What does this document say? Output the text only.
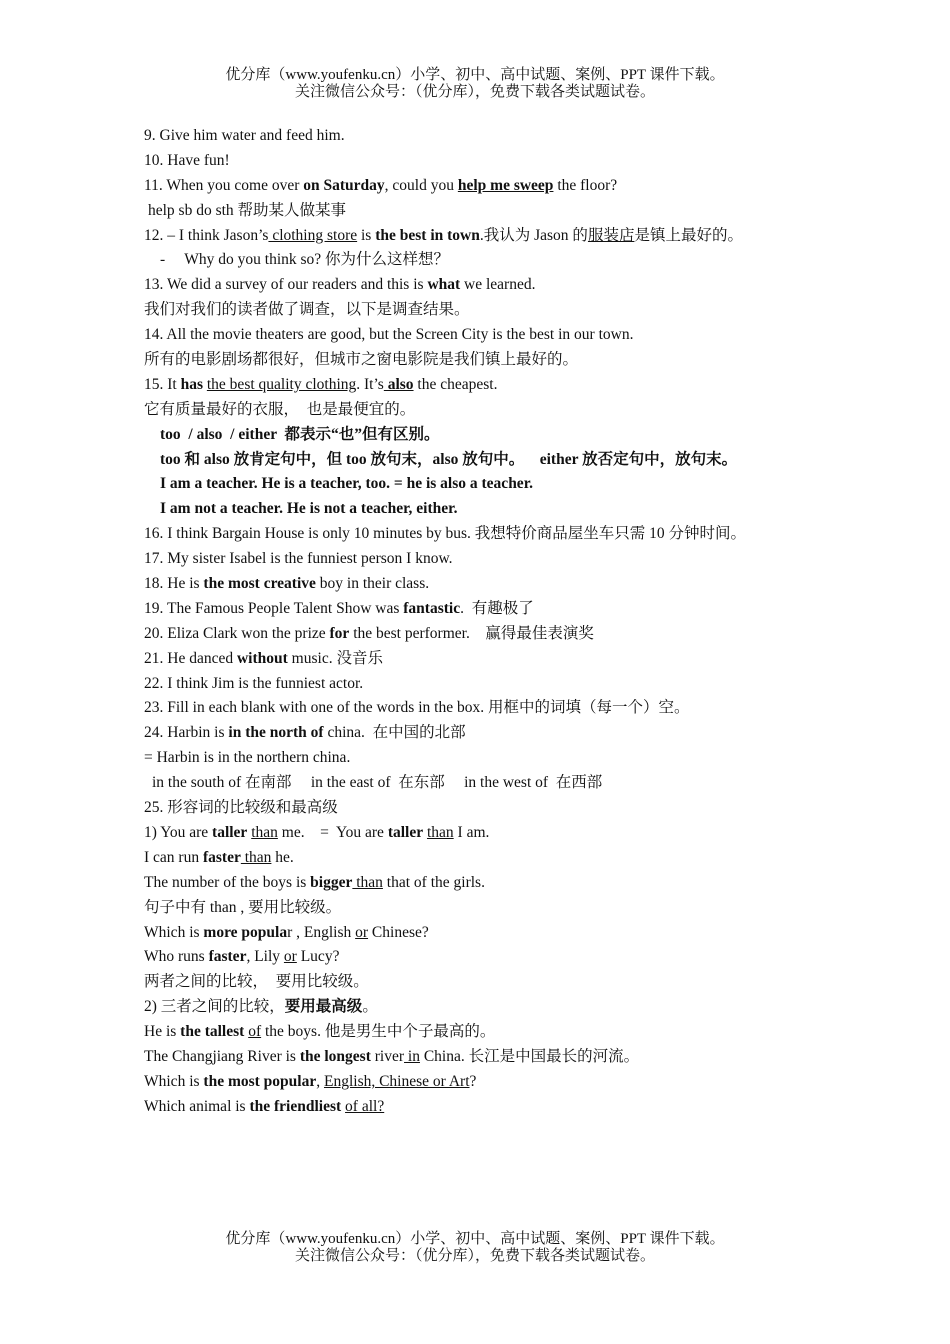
优分库（www.youfenku.cn）小学、初中、高中试题、案例、PPT 课件下载。
关注微信公众号：（优分库），免费下载各类试题试卷。
9. Give him water and feed him.
10. Have fun!
11. When you come over on Saturday, could you help me sweep the floor?
help sb do sth 帮助某人做某事
12. – I think Jason’s clothing store is the best in town.我认为 Jason 的服装店是镇上最好的。
-     Why do you think so? 你为什么这样想？
13. We did a survey of our readers and this is what we learned.
我们对我们的读者做了调查，以下是调查结果。
14. All the movie theaters are good, but the Screen City is the best in our town.
所有的电影剧场都很好，但城市之窗电影院是我们镇上最好的。
15. It has the best quality clothing. It’s also the cheapest.
它有质量最好的衣服，  也是最便宜的。
too  / also  / either  都表示“也”但有区别。
too 和 also 放肯定句中，但 too 放句末，also 放句中。    either 放否定句中，放句末。
I am a teacher. He is a teacher, too. = he is also a teacher.
I am not a teacher. He is not a teacher, either.
16. I think Bargain House is only 10 minutes by bus. 我想特价商品屋坐车只需 10 分钟时间。
17. My sister Isabel is the funniest person I know.
18. He is the most creative boy in their class.
19. The Famous People Talent Show was fantastic.  有趣极了
20. Eliza Clark won the prize for the best performer.    赢得最佳表演奖
21. He danced without music. 没音乐
22. I think Jim is the funniest actor.
23. Fill in each blank with one of the words in the box. 用框中的词填（每一个）空。
24. Harbin is in the north of china.  在中国的北部
= Harbin is in the northern china.
in the south of 在南部     in the east of  在东部     in the west of  在西部
25. 形容词的比较级和最高级
1) You are taller than me.    =  You are taller than I am.
I can run faster than he.
The number of the boys is bigger than that of the girls.
句子中有 than , 要用比较级。
Which is more popular , English or Chinese?
Who runs faster, Lily or Lucy?
两者之间的比较，  要用比较级。
2) 三者之间的比较，要用最高级。
He is the tallest of the boys. 他是男生中个子最高的。
The Changjiang River is the longest river in China. 长江是中国最长的河流。
Which is the most popular, English, Chinese or Art?
Which animal is the friendliest of all?
优分库（www.youfenku.cn）小学、初中、高中试题、案例、PPT 课件下载。
关注微信公众号：（优分库），免费下载各类试题试卷。
